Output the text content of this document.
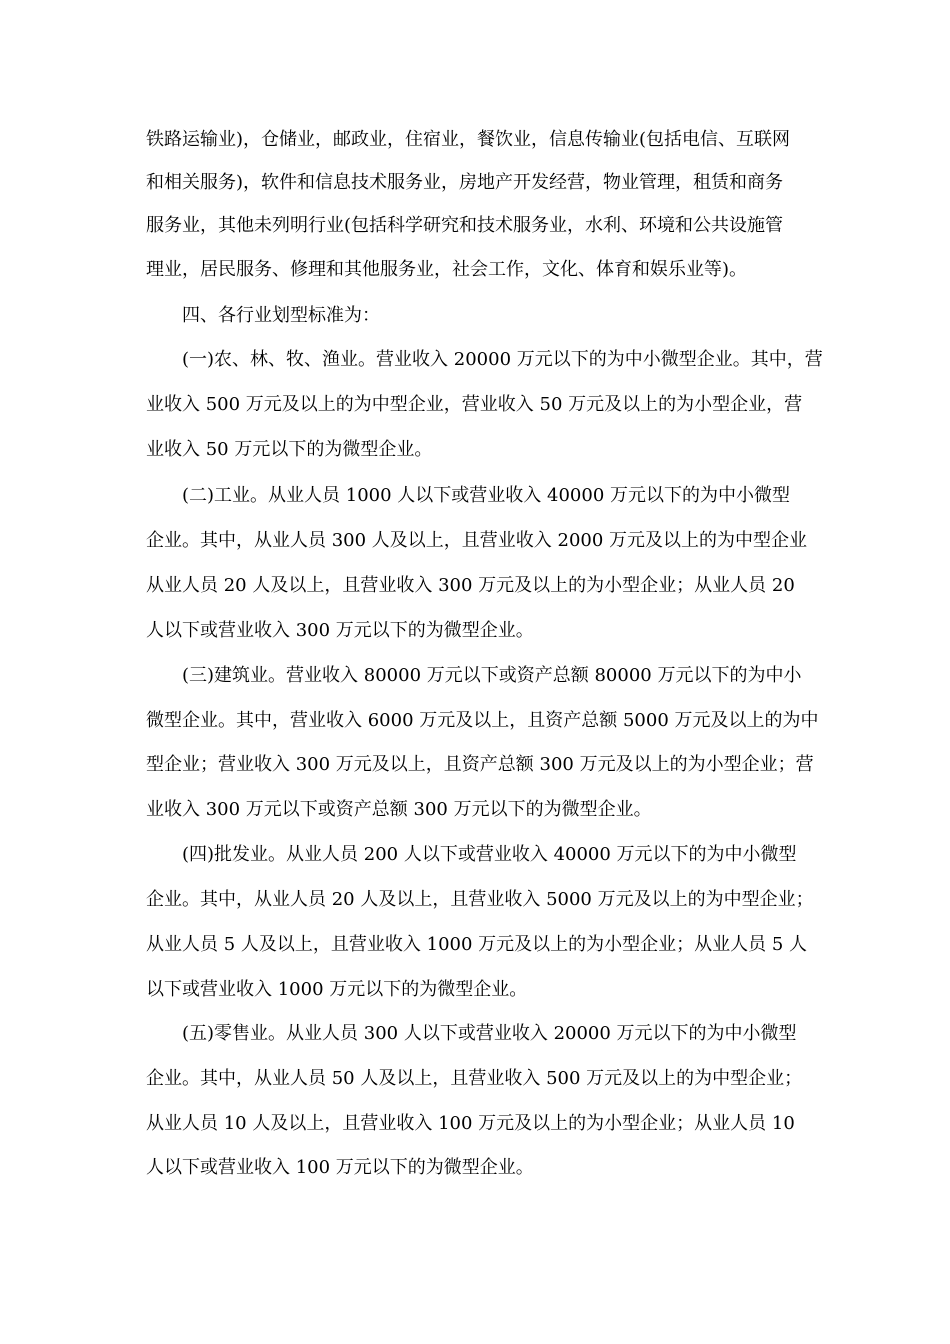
铁路运输业)，仓储业，邮政业，住宿业，餐饮业，信息传输业(包括电信、互联网
和相关服务)，软件和信息技术服务业，房地产开发经营，物业管理，租赁和商务
服务业，其他未列明行业(包括科学研究和技术服务业，水利、环境和公共设施管
理业，居民服务、修理和其他服务业，社会工作，文化、体育和娱乐业等)。
四、各行业划型标准为：
(一)农、林、牧、渔业。营业收入 20000 万元以下的为中小微型企业。其中，营
业收入 500 万元及以上的为中型企业，营业收入 50 万元及以上的为小型企业，营
业收入 50 万元以下的为微型企业。
(二)工业。从业人员 1000 人以下或营业收入 40000 万元以下的为中小微型
企业。其中，从业人员 300 人及以上，且营业收入 2000 万元及以上的为中型企业
从业人员 20 人及以上，且营业收入 300 万元及以上的为小型企业；从业人员 20
人以下或营业收入 300 万元以下的为微型企业。
(三)建筑业。营业收入 80000 万元以下或资产总额 80000 万元以下的为中小
微型企业。其中，营业收入 6000 万元及以上，且资产总额 5000 万元及以上的为中
型企业；营业收入 300 万元及以上，且资产总额 300 万元及以上的为小型企业；营
业收入 300 万元以下或资产总额 300 万元以下的为微型企业。
(四)批发业。从业人员 200 人以下或营业收入 40000 万元以下的为中小微型
企业。其中，从业人员 20 人及以上，且营业收入 5000 万元及以上的为中型企业；
从业人员 5 人及以上，且营业收入 1000 万元及以上的为小型企业；从业人员 5 人
以下或营业收入 1000 万元以下的为微型企业。
(五)零售业。从业人员 300 人以下或营业收入 20000 万元以下的为中小微型
企业。其中，从业人员 50 人及以上，且营业收入 500 万元及以上的为中型企业；
从业人员 10 人及以上，且营业收入 100 万元及以上的为小型企业；从业人员 10
人以下或营业收入 100 万元以下的为微型企业。
